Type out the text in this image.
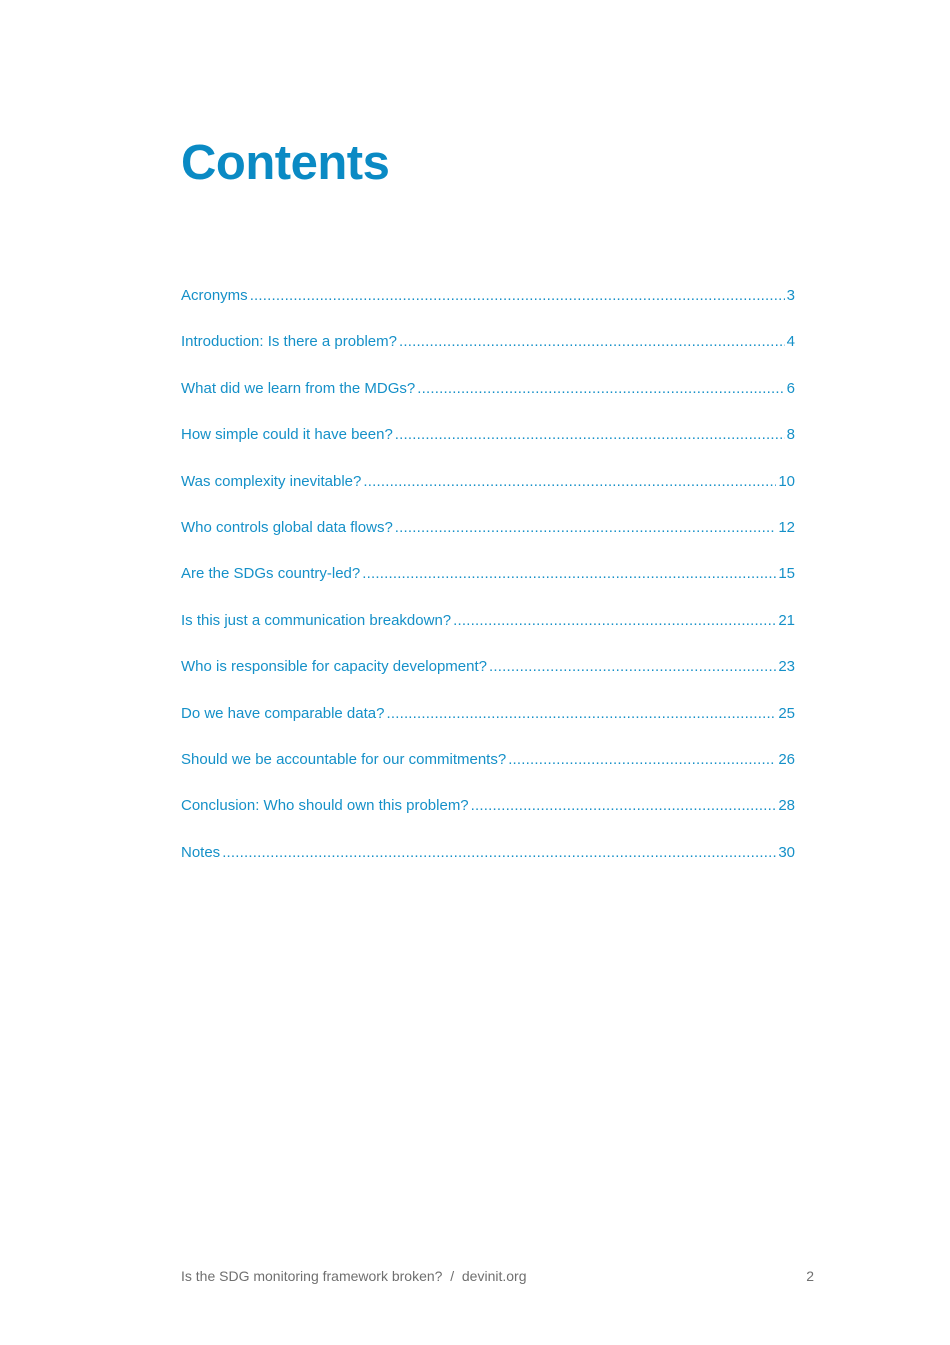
Contents
Acronyms .....	3
Introduction: Is there a problem? .....	4
What did we learn from the MDGs? .....	6
How simple could it have been? .....	8
Was complexity inevitable? .....	10
Who controls global data flows? .....	12
Are the SDGs country-led? .....	15
Is this just a communication breakdown? .....	21
Who is responsible for capacity development? .....	23
Do we have comparable data? .....	25
Should we be accountable for our commitments? .....	26
Conclusion: Who should own this problem? .....	28
Notes .....	30
Is the SDG monitoring framework broken?  /  devinit.org	2
